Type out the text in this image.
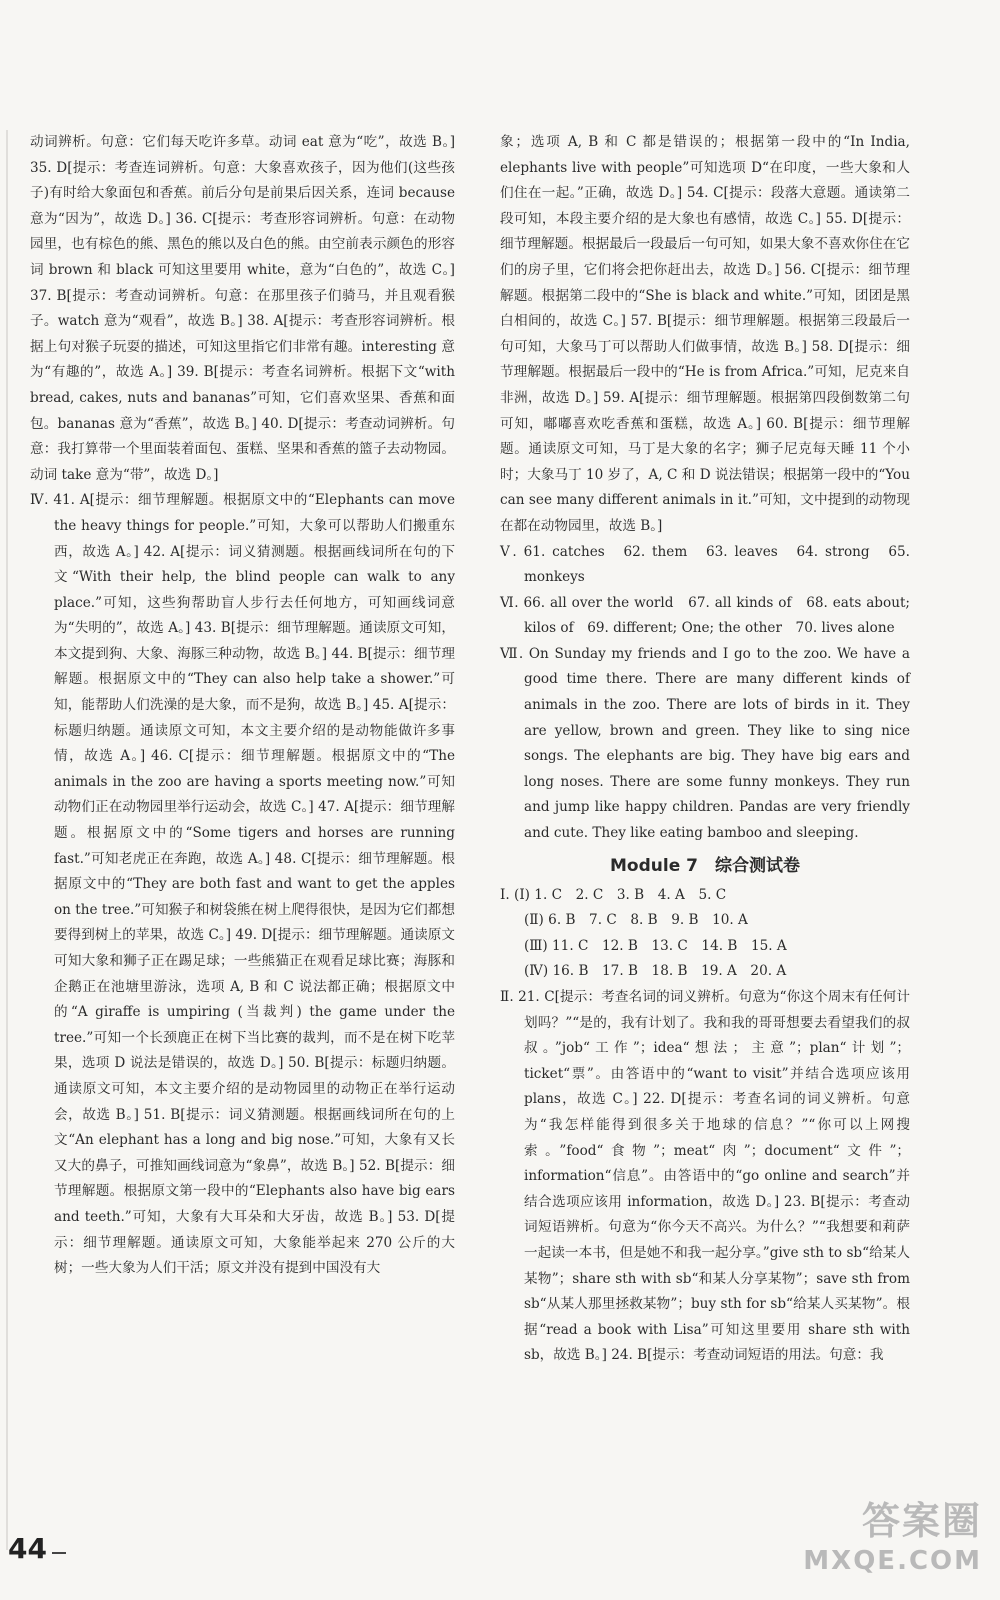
动词辨析。句意：它们每天吃许多草。动词 eat 意为“吃”，故选 B。] 35. D[提示：考查连词辨析。句意：大象喜欢孩子，因为他们(这些孩子)有时给大象面包和香蕉。前后分句是前果后因关系，连词 because 意为“因为”，故选 D。] 36. C[提示：考查形容词辨析。句意：在动物园里，也有棕色的熊、黑色的熊以及白色的熊。由空前表示颜色的形容词 brown 和 black 可知这里要用 white，意为“白色的”，故选 C。] 37. B[提示：考查动词辨析。句意：在那里孩子们骑马，并且观看猴子。watch 意为“观看”，故选 B。] 38. A[提示：考查形容词辨析。根据上句对猴子玩耍的描述，可知这里指它们非常有趣。interesting 意为“有趣的”，故选 A。] 39. B[提示：考查名词辨析。根据下文“with bread, cakes, nuts and bananas”可知，它们喜欢坚果、香蕉和面包。bananas 意为“香蕉”，故选 B。] 40. D[提示：考查动词辨析。句意：我打算带一个里面装着面包、蛋糕、坚果和香蕉的篮子去动物园。动词 take 意为“带”，故选 D。]

Ⅳ. 41. A[提示：细节理解题。根据原文中的“Elephants can move the heavy things for people.”可知，大象可以帮助人们搬重东西，故选 A。] 42. A[提示：词义猜测题。根据画线词所在句的下文“With their help, the blind people can walk to any place.”可知，这些狗帮助盲人步行去任何地方，可知画线词意为“失明的”，故选 A。] 43. B[提示：细节理解题。通读原文可知，本文提到狗、大象、海豚三种动物，故选 B。] 44. B[提示：细节理解题。根据原文中的“They can also help take a shower.”可知，能帮助人们洗澡的是大象，而不是狗，故选 B。] 45. A[提示：标题归纳题。通读原文可知，本文主要介绍的是动物能做许多事情，故选 A。] 46. C[提示：细节理解题。根据原文中的“The animals in the zoo are having a sports meeting now.”可知动物们正在动物园里举行运动会，故选 C。] 47. A[提示：细节理解题。根据原文中的“Some tigers and horses are running fast.”可知老虎正在奔跑，故选 A。] 48. C[提示：细节理解题。根据原文中的“They are both fast and want to get the apples on the tree.”可知猴子和树袋熊在树上爬得很快，是因为它们都想要得到树上的苹果，故选 C。] 49. D[提示：细节理解题。通读原文可知大象和狮子正在踢足球；一些熊猫正在观看足球比赛；海豚和企鹅正在池塘里游泳，选项 A, B 和 C 说法都正确；根据原文中的“A giraffe is umpiring (当裁判) the game under the tree.”可知一个长颈鹿正在树下当比赛的裁判，而不是在树下吃苹果，选项 D 说法是错误的，故选 D。] 50. B[提示：标题归纳题。通读原文可知，本文主要介绍的是动物园里的动物正在举行运动会，故选 B。] 51. B[提示：词义猜测题。根据画线词所在句的上文“An elephant has a long and big nose.”可知，大象有又长又大的鼻子，可推知画线词意为“象鼻”，故选 B。] 52. B[提示：细节理解题。根据原文第一段中的“Elephants also have big ears and teeth.”可知，大象有大耳朵和大牙齿，故选 B。] 53. D[提示：细节理解题。通读原文可知，大象能举起来 270 公斤的大树；一些大象为人们干活；原文并没有提到中国没有大

象；选项 A, B 和 C 都是错误的；根据第一段中的“In India, elephants live with people”可知选项 D“在印度，一些大象和人们住在一起。”正确，故选 D。] 54. C[提示：段落大意题。通读第二段可知，本段主要介绍的是大象也有感情，故选 C。] 55. D[提示：细节理解题。根据最后一段最后一句可知，如果大象不喜欢你住在它们的房子里，它们将会把你赶出去，故选 D。] 56. C[提示：细节理解题。根据第二段中的“She is black and white.”可知，团团是黑白相间的，故选 C。] 57. B[提示：细节理解题。根据第三段最后一句可知，大象马丁可以帮助人们做事情，故选 B。] 58. D[提示：细节理解题。根据最后一段中的“He is from Africa.”可知，尼克来自非洲，故选 D。] 59. A[提示：细节理解题。根据第四段倒数第二句可知，嘟嘟喜欢吃香蕉和蛋糕，故选 A。] 60. B[提示：细节理解题。通读原文可知，马丁是大象的名字；狮子尼克每天睡 11 个小时；大象马丁 10 岁了，A, C 和 D 说法错误；根据第一段中的“You can see many different animals in it.”可知，文中提到的动物现在都在动物园里，故选 B。]

Ⅴ. 61. catches　62. them　63. leaves　64. strong　65. monkeys

Ⅵ. 66. all over the world　67. all kinds of　68. eats about; kilos of　69. different; One; the other　70. lives alone

Ⅶ. On Sunday my friends and I go to the zoo. We have a good time there. There are many different kinds of animals in the zoo. There are lots of birds in it. They are yellow, brown and green. They like to sing nice songs. The elephants are big. They have big ears and long noses. There are some funny monkeys. They run and jump like happy children. Pandas are very friendly and cute. They like eating bamboo and sleeping.

Module 7　综合测试卷

Ⅰ. (Ⅰ) 1. C　2. C　3. B　4. A　5. C

(Ⅱ) 6. B　7. C　8. B　9. B　10. A

(Ⅲ) 11. C　12. B　13. C　14. B　15. A

(Ⅳ) 16. B　17. B　18. B　19. A　20. A

Ⅱ. 21. C[提示：考查名词的词义辨析。句意为“你这个周末有任何计划吗？”“是的，我有计划了。我和我的哥哥想要去看望我们的叔叔。”job“工作”；idea“想法；主意”；plan“计划”；ticket“票”。由答语中的“want to visit”并结合选项应该用 plans，故选 C。] 22. D[提示：考查名词的词义辨析。句意为“我怎样能得到很多关于地球的信息？”“你可以上网搜索。”food“食物”；meat“肉”；document“文件”；information“信息”。由答语中的“go online and search”并结合选项应该用 information，故选 D。] 23. B[提示：考查动词短语辨析。句意为“你今天不高兴。为什么？”“我想要和莉萨一起读一本书，但是她不和我一起分享。”give sth to sb“给某人某物”；share sth with sb“和某人分享某物”；save sth from sb“从某人那里拯救某物”；buy sth for sb“给某人买某物”。根据“read a book with Lisa”可知这里要用 share sth with sb，故选 B。] 24. B[提示：考查动词短语的用法。句意：我

44
答案圈
MXQE.COM
